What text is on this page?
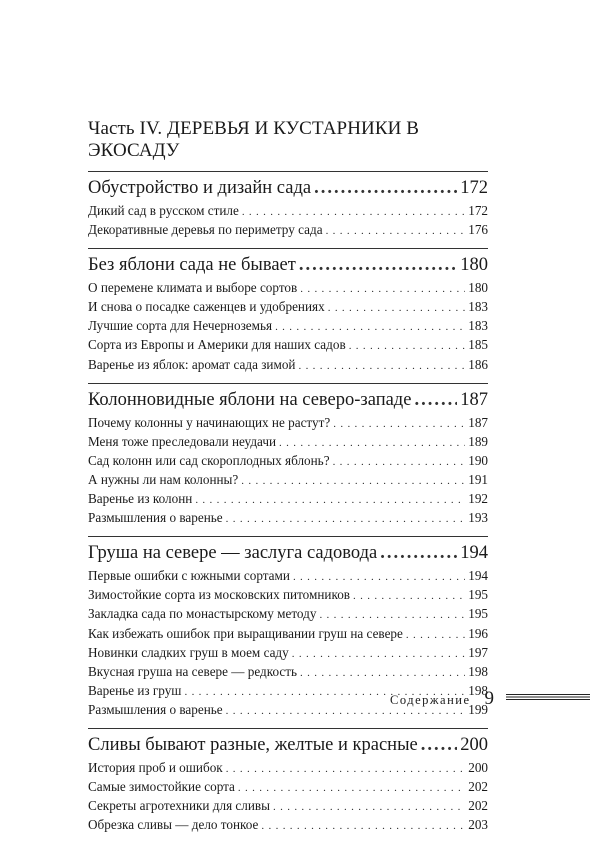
Часть IV. ДЕРЕВЬЯ И КУСТАРНИКИ В ЭКОСАДУ
Обустройство и дизайн сада .....	172
Дикий сад в русском стиле . . .	172
Декоративные деревья по периметру сада . . .	176
Без яблони сада не бывает .....	180
О перемене климата и выборе сортов . . .	180
И снова о посадке саженцев и удобрениях . . .	183
Лучшие сорта для Нечерноземья . . .	183
Сорта из Европы и Америки для наших садов . . .	185
Варенье из яблок: аромат сада зимой . . .	186
Колонновидные яблони на северо-западе .....	187
Почему колонны у начинающих не растут? . . .	187
Меня тоже преследовали неудачи . . .	189
Сад колонн или сад скороплодных яблонь? . . .	190
А нужны ли нам колонны? . . .	191
Варенье из колонн . . .	192
Размышления о варенье . . .	193
Груша на севере — заслуга садовода .....	194
Первые ошибки с южными сортами . . .	194
Зимостойкие сорта из московских питомников . . .	195
Закладка сада по монастырскому методу . . .	195
Как избежать ошибок при выращивании груш на севере . . .	196
Новинки сладких груш в моем саду . . .	197
Вкусная груша на севере — редкость . . .	198
Варенье из груш . . .	198
Размышления о варенье . . .	199
Сливы бывают разные, желтые и красные ..... 200
История проб и ошибок . . .	200
Самые зимостойкие сорта . . .	202
Секреты агротехники для сливы . . .	202
Обрезка сливы — дело тонкое . . .	203
Содержание 9
